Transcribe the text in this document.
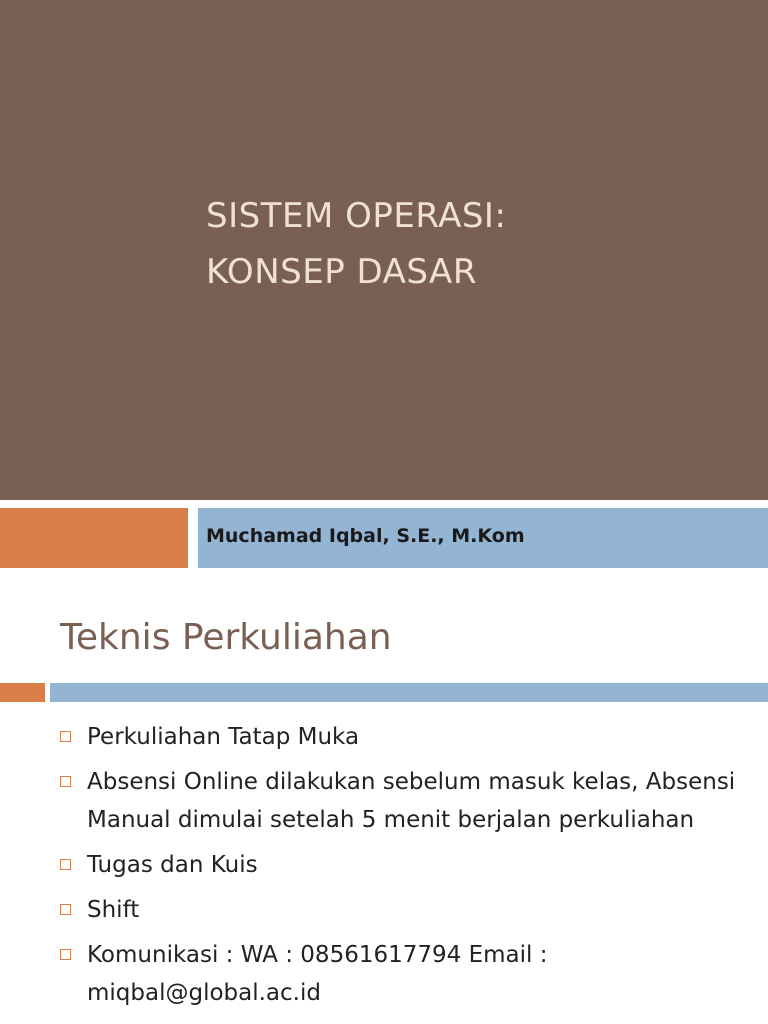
SISTEM OPERASI:
KONSEP DASAR
Muchamad Iqbal, S.E., M.Kom
Teknis Perkuliahan
Perkuliahan Tatap Muka
Absensi Online dilakukan sebelum masuk kelas, Absensi Manual dimulai setelah 5 menit berjalan perkuliahan
Tugas dan Kuis
Shift
Komunikasi : WA : 08561617794 Email : miqbal@global.ac.id
